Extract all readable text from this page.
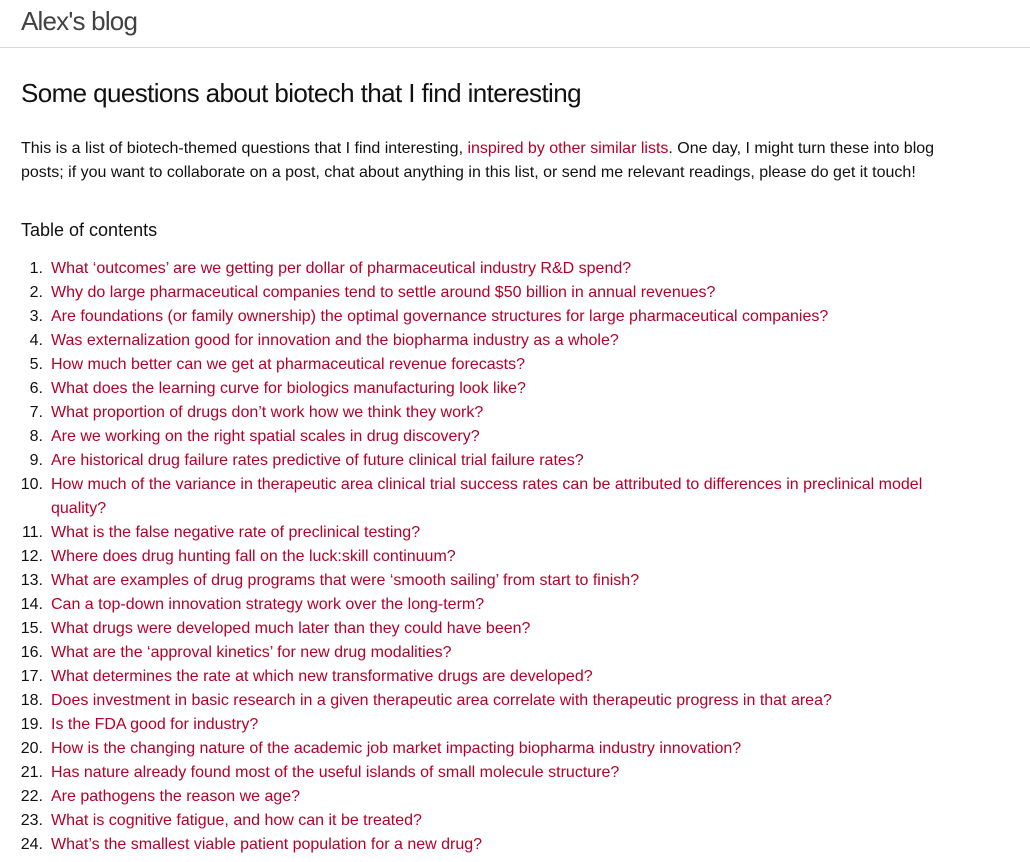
Alex's blog
Some questions about biotech that I find interesting

This is a list of biotech-themed questions that I find interesting, inspired by other similar lists. One day, I might turn these into blog posts; if you want to collaborate on a post, chat about anything in this list, or send me relevant readings, please do get it touch!

Table of contents
1. What ‘outcomes’ are we getting per dollar of pharmaceutical industry R&D spend?
2. Why do large pharmaceutical companies tend to settle around $50 billion in annual revenues?
3. Are foundations (or family ownership) the optimal governance structures for large pharmaceutical companies?
4. Was externalization good for innovation and the biopharma industry as a whole?
5. How much better can we get at pharmaceutical revenue forecasts?
6. What does the learning curve for biologics manufacturing look like?
7. What proportion of drugs don’t work how we think they work?
8. Are we working on the right spatial scales in drug discovery?
9. Are historical drug failure rates predictive of future clinical trial failure rates?
10. How much of the variance in therapeutic area clinical trial success rates can be attributed to differences in preclinical model quality?
11. What is the false negative rate of preclinical testing?
12. Where does drug hunting fall on the luck:skill continuum?
13. What are examples of drug programs that were ‘smooth sailing’ from start to finish?
14. Can a top-down innovation strategy work over the long-term?
15. What drugs were developed much later than they could have been?
16. What are the ‘approval kinetics’ for new drug modalities?
17. What determines the rate at which new transformative drugs are developed?
18. Does investment in basic research in a given therapeutic area correlate with therapeutic progress in that area?
19. Is the FDA good for industry?
20. How is the changing nature of the academic job market impacting biopharma industry innovation?
21. Has nature already found most of the useful islands of small molecule structure?
22. Are pathogens the reason we age?
23. What is cognitive fatigue, and how can it be treated?
24. What’s the smallest viable patient population for a new drug?
